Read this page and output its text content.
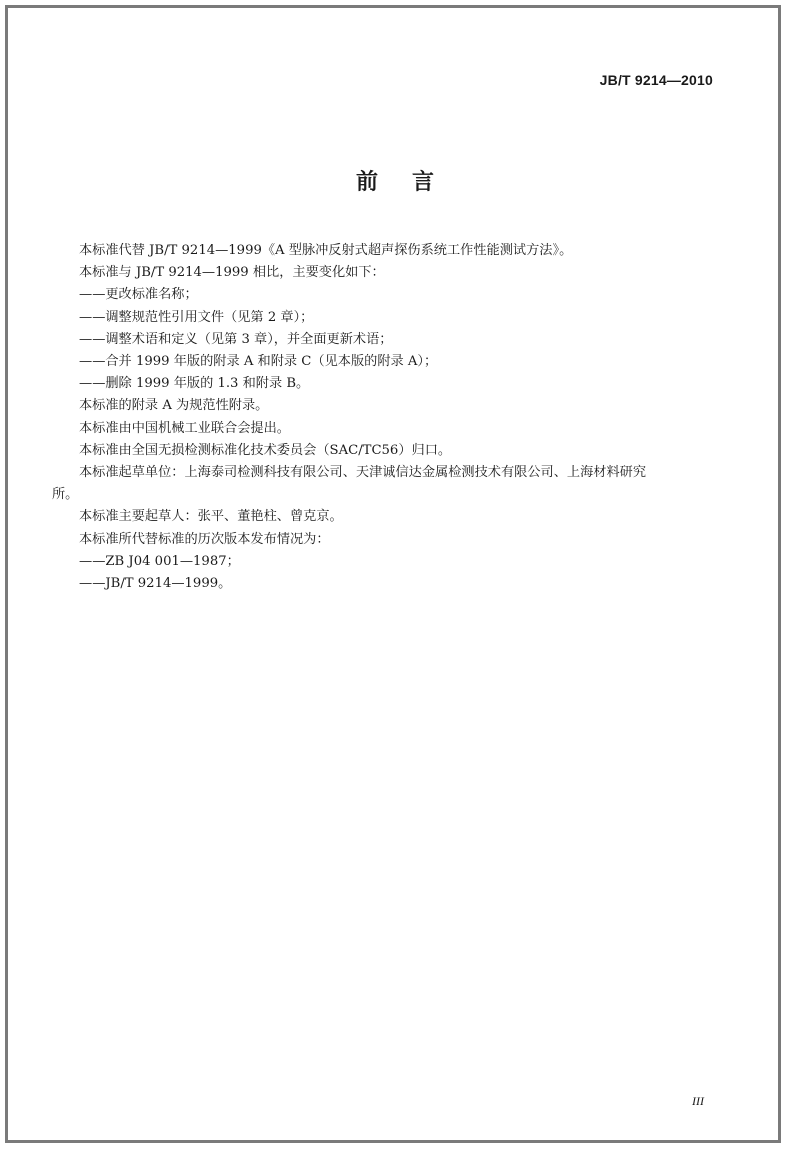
JB/T 9214—2010
前 言
本标准代替 JB/T 9214—1999《A 型脉冲反射式超声探伤系统工作性能测试方法》。
本标准与 JB/T 9214—1999 相比，主要变化如下：
——更改标准名称；
——调整规范性引用文件（见第 2 章）；
——调整术语和定义（见第 3 章），并全面更新术语；
——合并 1999 年版的附录 A 和附录 C（见本版的附录 A）；
——删除 1999 年版的 1.3 和附录 B。
本标准的附录 A 为规范性附录。
本标准由中国机械工业联合会提出。
本标准由全国无损检测标准化技术委员会（SAC/TC56）归口。
本标准起草单位：上海泰司检测科技有限公司、天津诚信达金属检测技术有限公司、上海材料研究
所。
本标准主要起草人：张平、董艳柱、曾克京。
本标准所代替标准的历次版本发布情况为：
——ZB J04 001—1987；
——JB/T 9214—1999。
III
